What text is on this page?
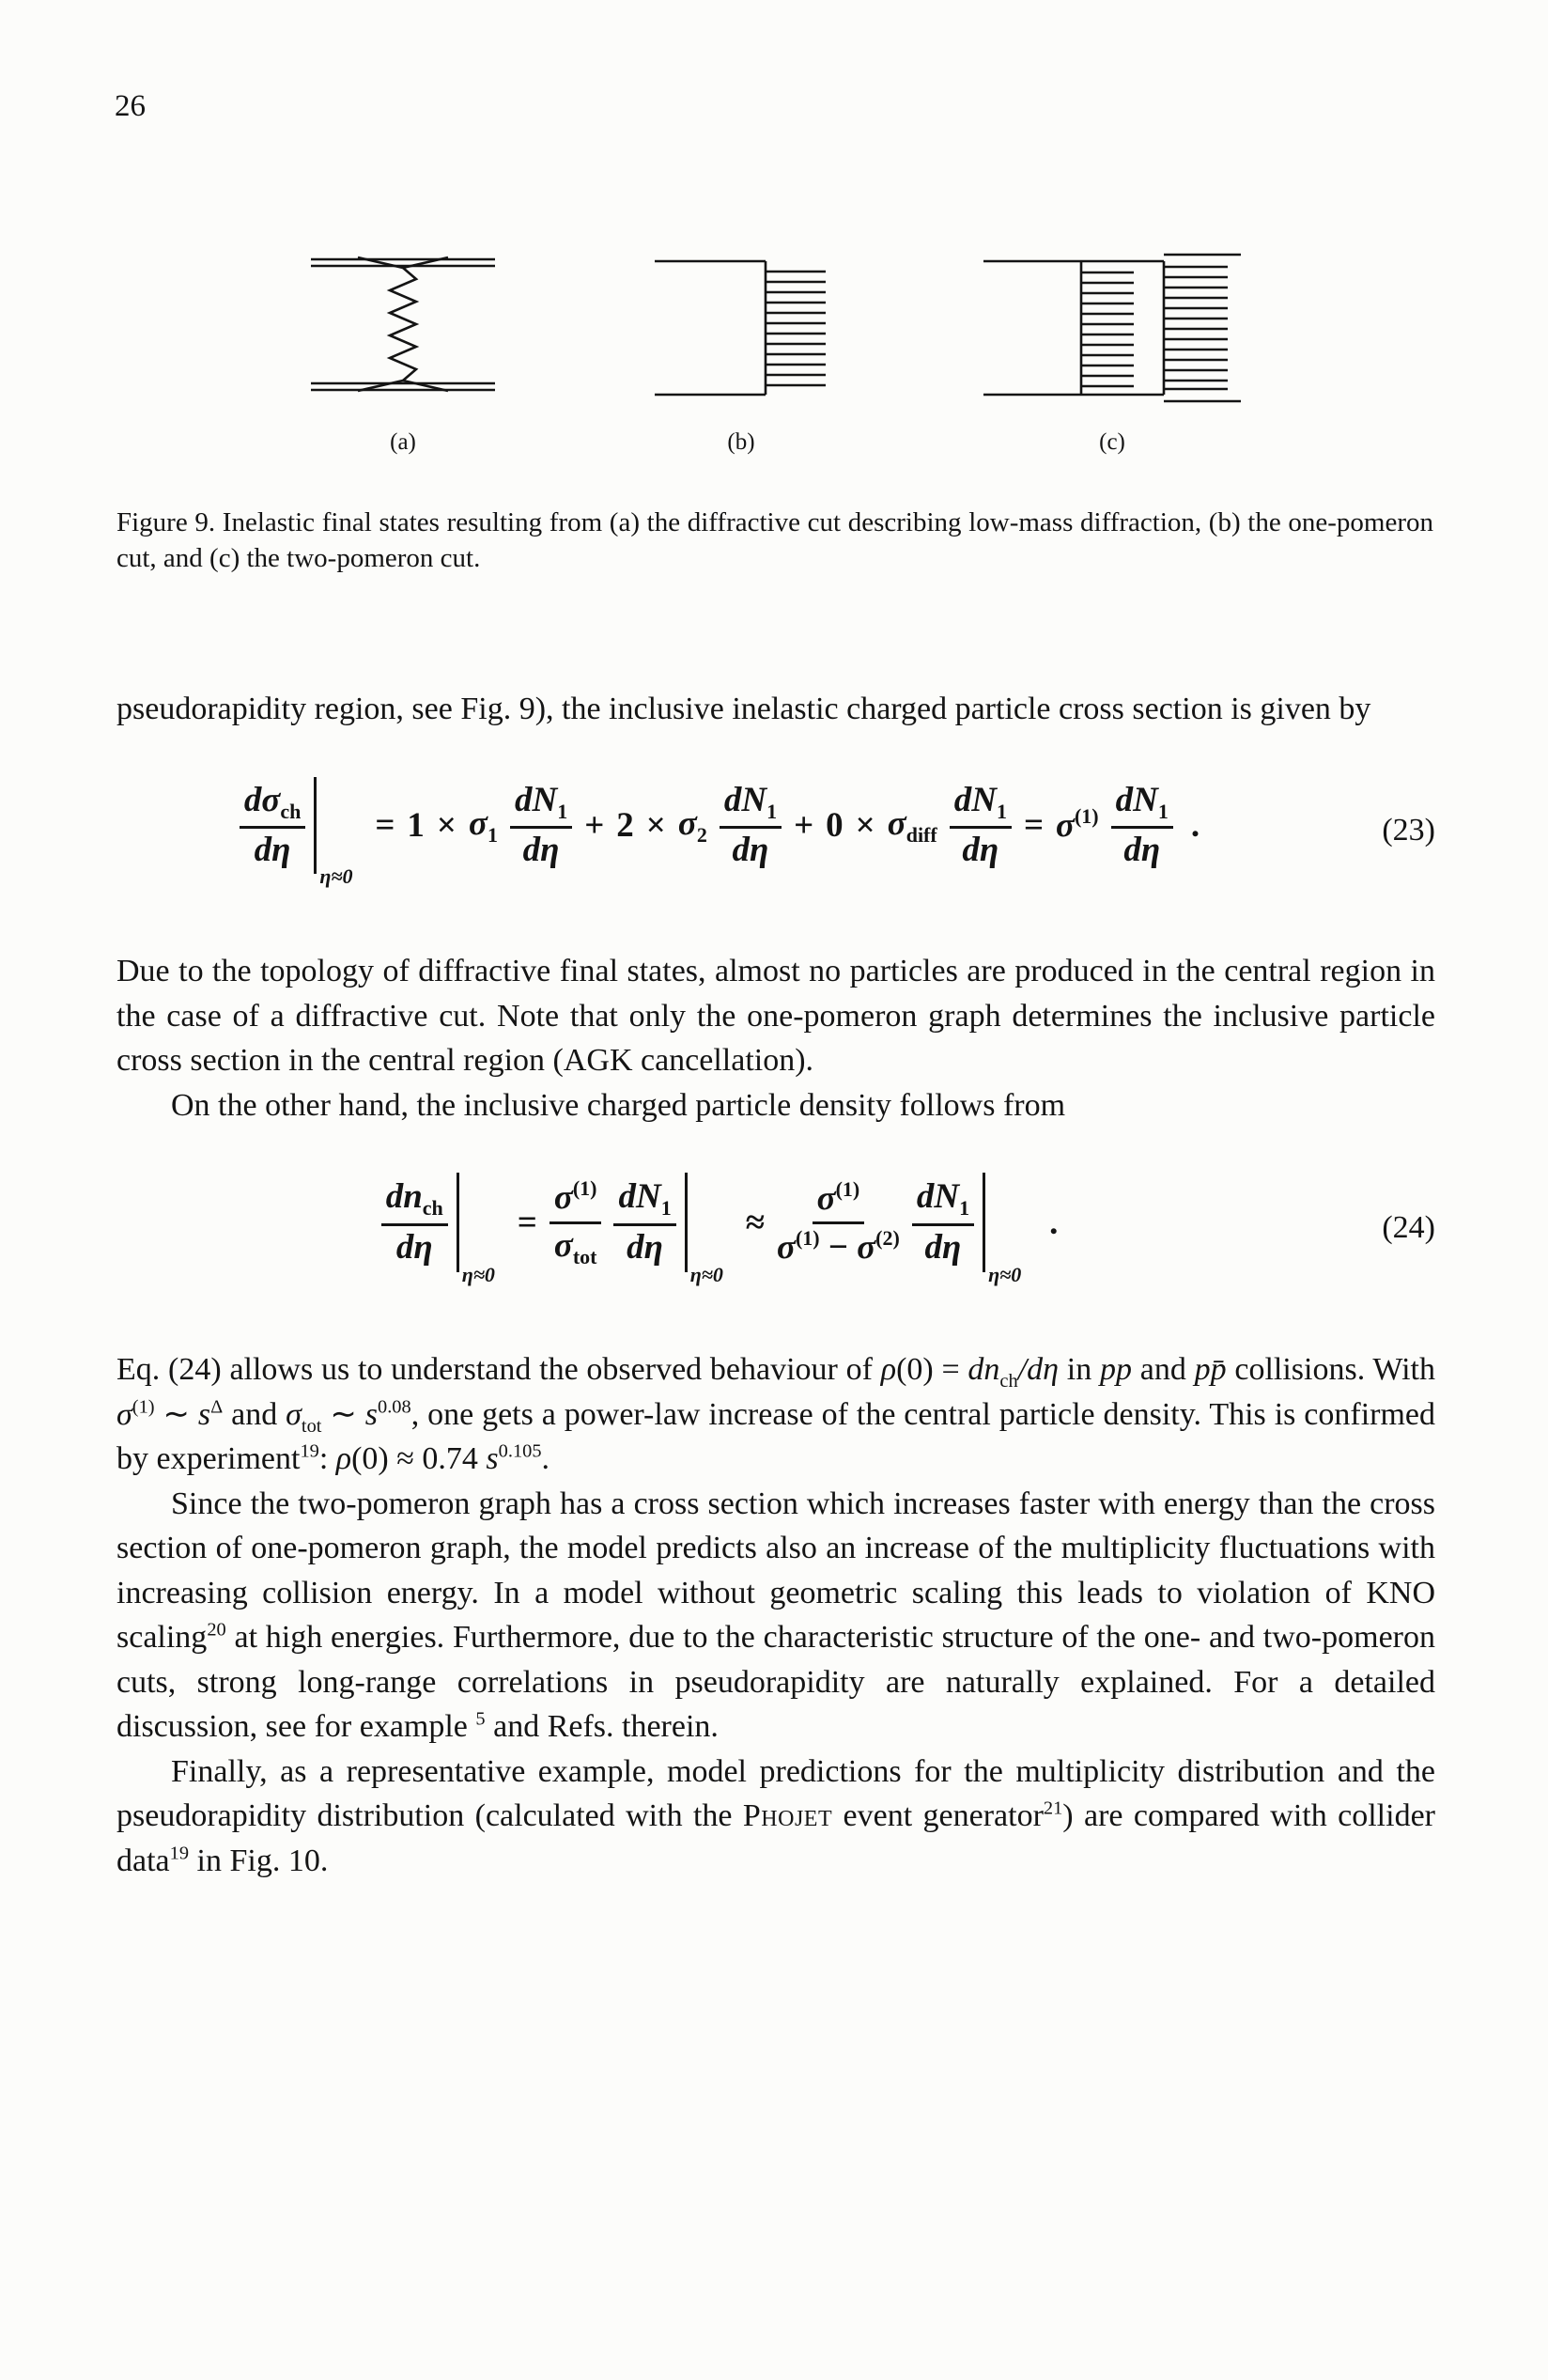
26
(a)	(b)	(c)

Figure 9. Inelastic final states resulting from (a) the diffractive cut describing low-mass diffraction, (b) the one-pomeron cut, and (c) the two-pomeron cut.

pseudorapidity region, see Fig. 9), the inclusive inelastic charged particle cross section is given by

$\frac{d\sigma_{ch}}{d\eta}$
η≈0
= $1 \times \sigma_1 \frac{dN_1}{d\eta} + 2 \times \sigma_2 \frac{dN_1}{d\eta} + 0 \times \sigma_{diff} \frac{dN_1}{d\eta} = \sigma^{(1)} \frac{dN_1}{d\eta}$ .	(23)

Due to the topology of diffractive final states, almost no particles are produced in the central region in the case of a diffractive cut. Note that only the one-pomeron graph determines the inclusive particle cross section in the central region (AGK cancellation).

On the other hand, the inclusive charged particle density follows from

$\frac{dn_{ch}}{d\eta}$
η≈0
= $\frac{\sigma^{(1)}}{\sigma_{tot}} \frac{dN_1}{d\eta}$
η≈0
≈ $\frac{\sigma^{(1)}}{\sigma^{(1)} - \sigma^{(2)}} \frac{dN_1}{d\eta}$
η≈0
.	(24)

Eq. (24) allows us to understand the observed behaviour of $\rho(0) = dn_{ch}/d\eta$ in pp and pp̄ collisions. With $\sigma^{(1)}$ ∼ $s^\Delta$ and $\sigma_{tot}$ ∼ $s^{0.08}$, one gets a power-law increase of the central particle density. This is confirmed by experiment$^{19}$: ρ(0) ≈ 0.74 $s^{0.105}$.

Since the two-pomeron graph has a cross section which increases faster with energy than the cross section of one-pomeron graph, the model predicts also an increase of the multiplicity fluctuations with increasing collision energy. In a model without geometric scaling this leads to violation of KNO scaling$^{20}$ at high energies. Furthermore, due to the characteristic structure of the one- and two-pomeron cuts, strong long-range correlations in pseudorapidity are naturally explained. For a detailed discussion, see for example $^5$ and Refs. therein.

Finally, as a representative example, model predictions for the multiplicity distribution and the pseudorapidity distribution (calculated with the Phojet event generator$^{21}$) are compared with collider data$^{19}$ in Fig. 10.
